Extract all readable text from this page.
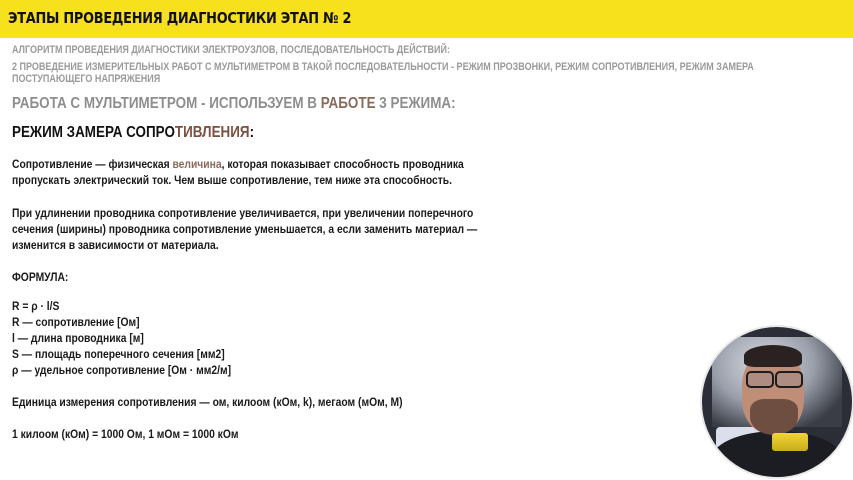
ЭТАПЫ ПРОВЕДЕНИЯ ДИАГНОСТИКИ ЭТАП № 2
АЛГОРИТМ ПРОВЕДЕНИЯ ДИАГНОСТИКИ ЭЛЕКТРОУЗЛОВ, ПОСЛЕДОВАТЕЛЬНОСТЬ ДЕЙСТВИЙ:
2 ПРОВЕДЕНИЕ ИЗМЕРИТЕЛЬНЫХ РАБОТ С МУЛЬТИМЕТРОМ В ТАКОЙ ПОСЛЕДОВАТЕЛЬНОСТИ - РЕЖИМ ПРОЗВОНКИ, РЕЖИМ СОПРОТИВЛЕНИЯ, РЕЖИМ ЗАМЕРА ПОСТУПАЮЩЕГО НАПРЯЖЕНИЯ
РАБОТА С МУЛЬТИМЕТРОМ - ИСПОЛЬЗУЕМ В РАБОТЕ 3 РЕЖИМА:
РЕЖИМ ЗАМЕРА СОПРОТИВЛЕНИЯ:
Сопротивление — физическая величина, которая показывает способность проводника
пропускать электрический ток. Чем выше сопротивление, тем ниже эта способность.
При удлинении проводника сопротивление увеличивается, при увеличении поперечного
сечения (ширины) проводника сопротивление уменьшается, а если заменить материал —
изменится в зависимости от материала.
ФОРМУЛА:
R = ρ · l/S
R — сопротивление [Ом]
l — длина проводника [м]
S — площадь поперечного сечения [мм2]
ρ — удельное сопротивление [Ом · мм2/м]
Единица измерения сопротивления — ом, килоом (кОм, k), мегаом (мОм, M)
1 килоом (кОм) = 1000 Ом, 1 мОм = 1000 кОм
